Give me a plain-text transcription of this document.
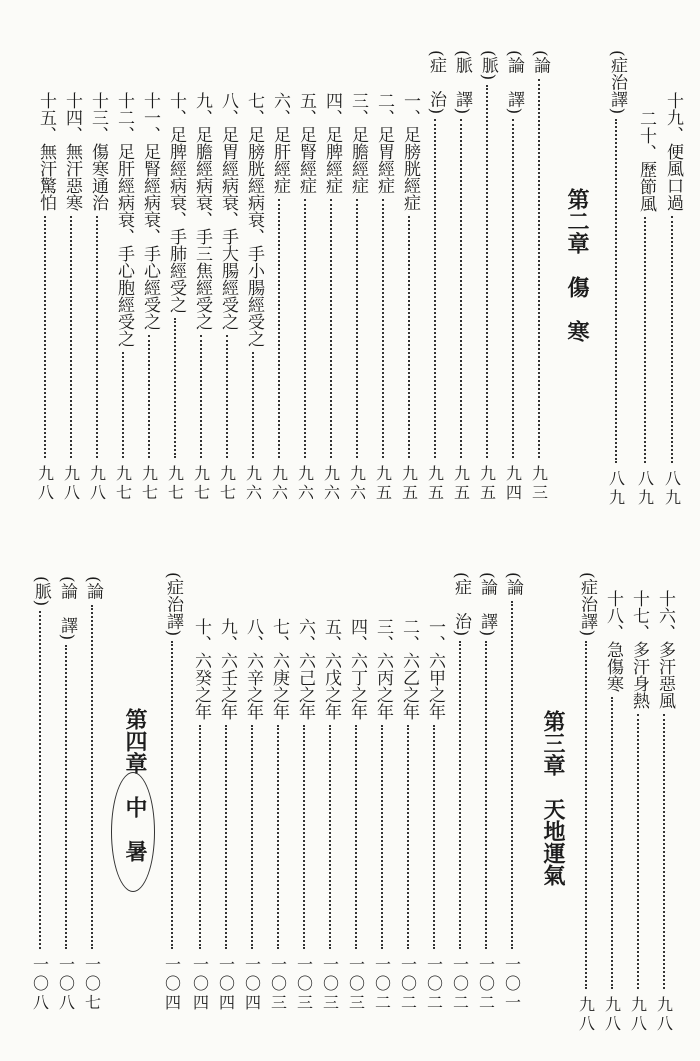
十九、便風口過
八九
二十、歷節風
八九
(症治譯)
八九
第二章　傷　寒
(論
九三
(論　譯)
九四
(脈)
九五
(脈　譯)
九五
(症　治)
九五
一、足膀胱經症
九五
二、足胃經症
九五
三、足膽經症
九六
四、足脾經症
九六
五、足腎經症
九六
六、足肝經症
九六
七、足膀胱經病衰、手小腸經受之
九六
八、足胃經病衰、手大腸經受之
九七
九、足膽經病衰、手三焦經受之
九七
十、足脾經病衰、手肺經受之
九七
十一、足腎經病衰、手心經受之
九七
十二、足肝經病衰、手心胞經受之
九七
十三、傷寒通治
九八
十四、無汗惡寒
九八
十五、無汗驚怕
九八
十六、多汗惡風
九八
十七、多汗身熱
九八
十八、急傷寒
九八
(症治譯)
九八
第三章　天地運氣
(論
一〇一
(論　譯)
一〇二
(症　治)
一〇二
一、六甲之年
一〇二
二、六乙之年
一〇二
三、六丙之年
一〇二
四、六丁之年
一〇三
五、六戊之年
一〇三
六、六己之年
一〇三
七、六庚之年
一〇三
八、六辛之年
一〇四
九、六壬之年
一〇四
十、六癸之年
一〇四
(症治譯)
一〇四
第四章　中　暑
(論
一〇七
(論　譯)
一〇八
(脈)
一〇八
